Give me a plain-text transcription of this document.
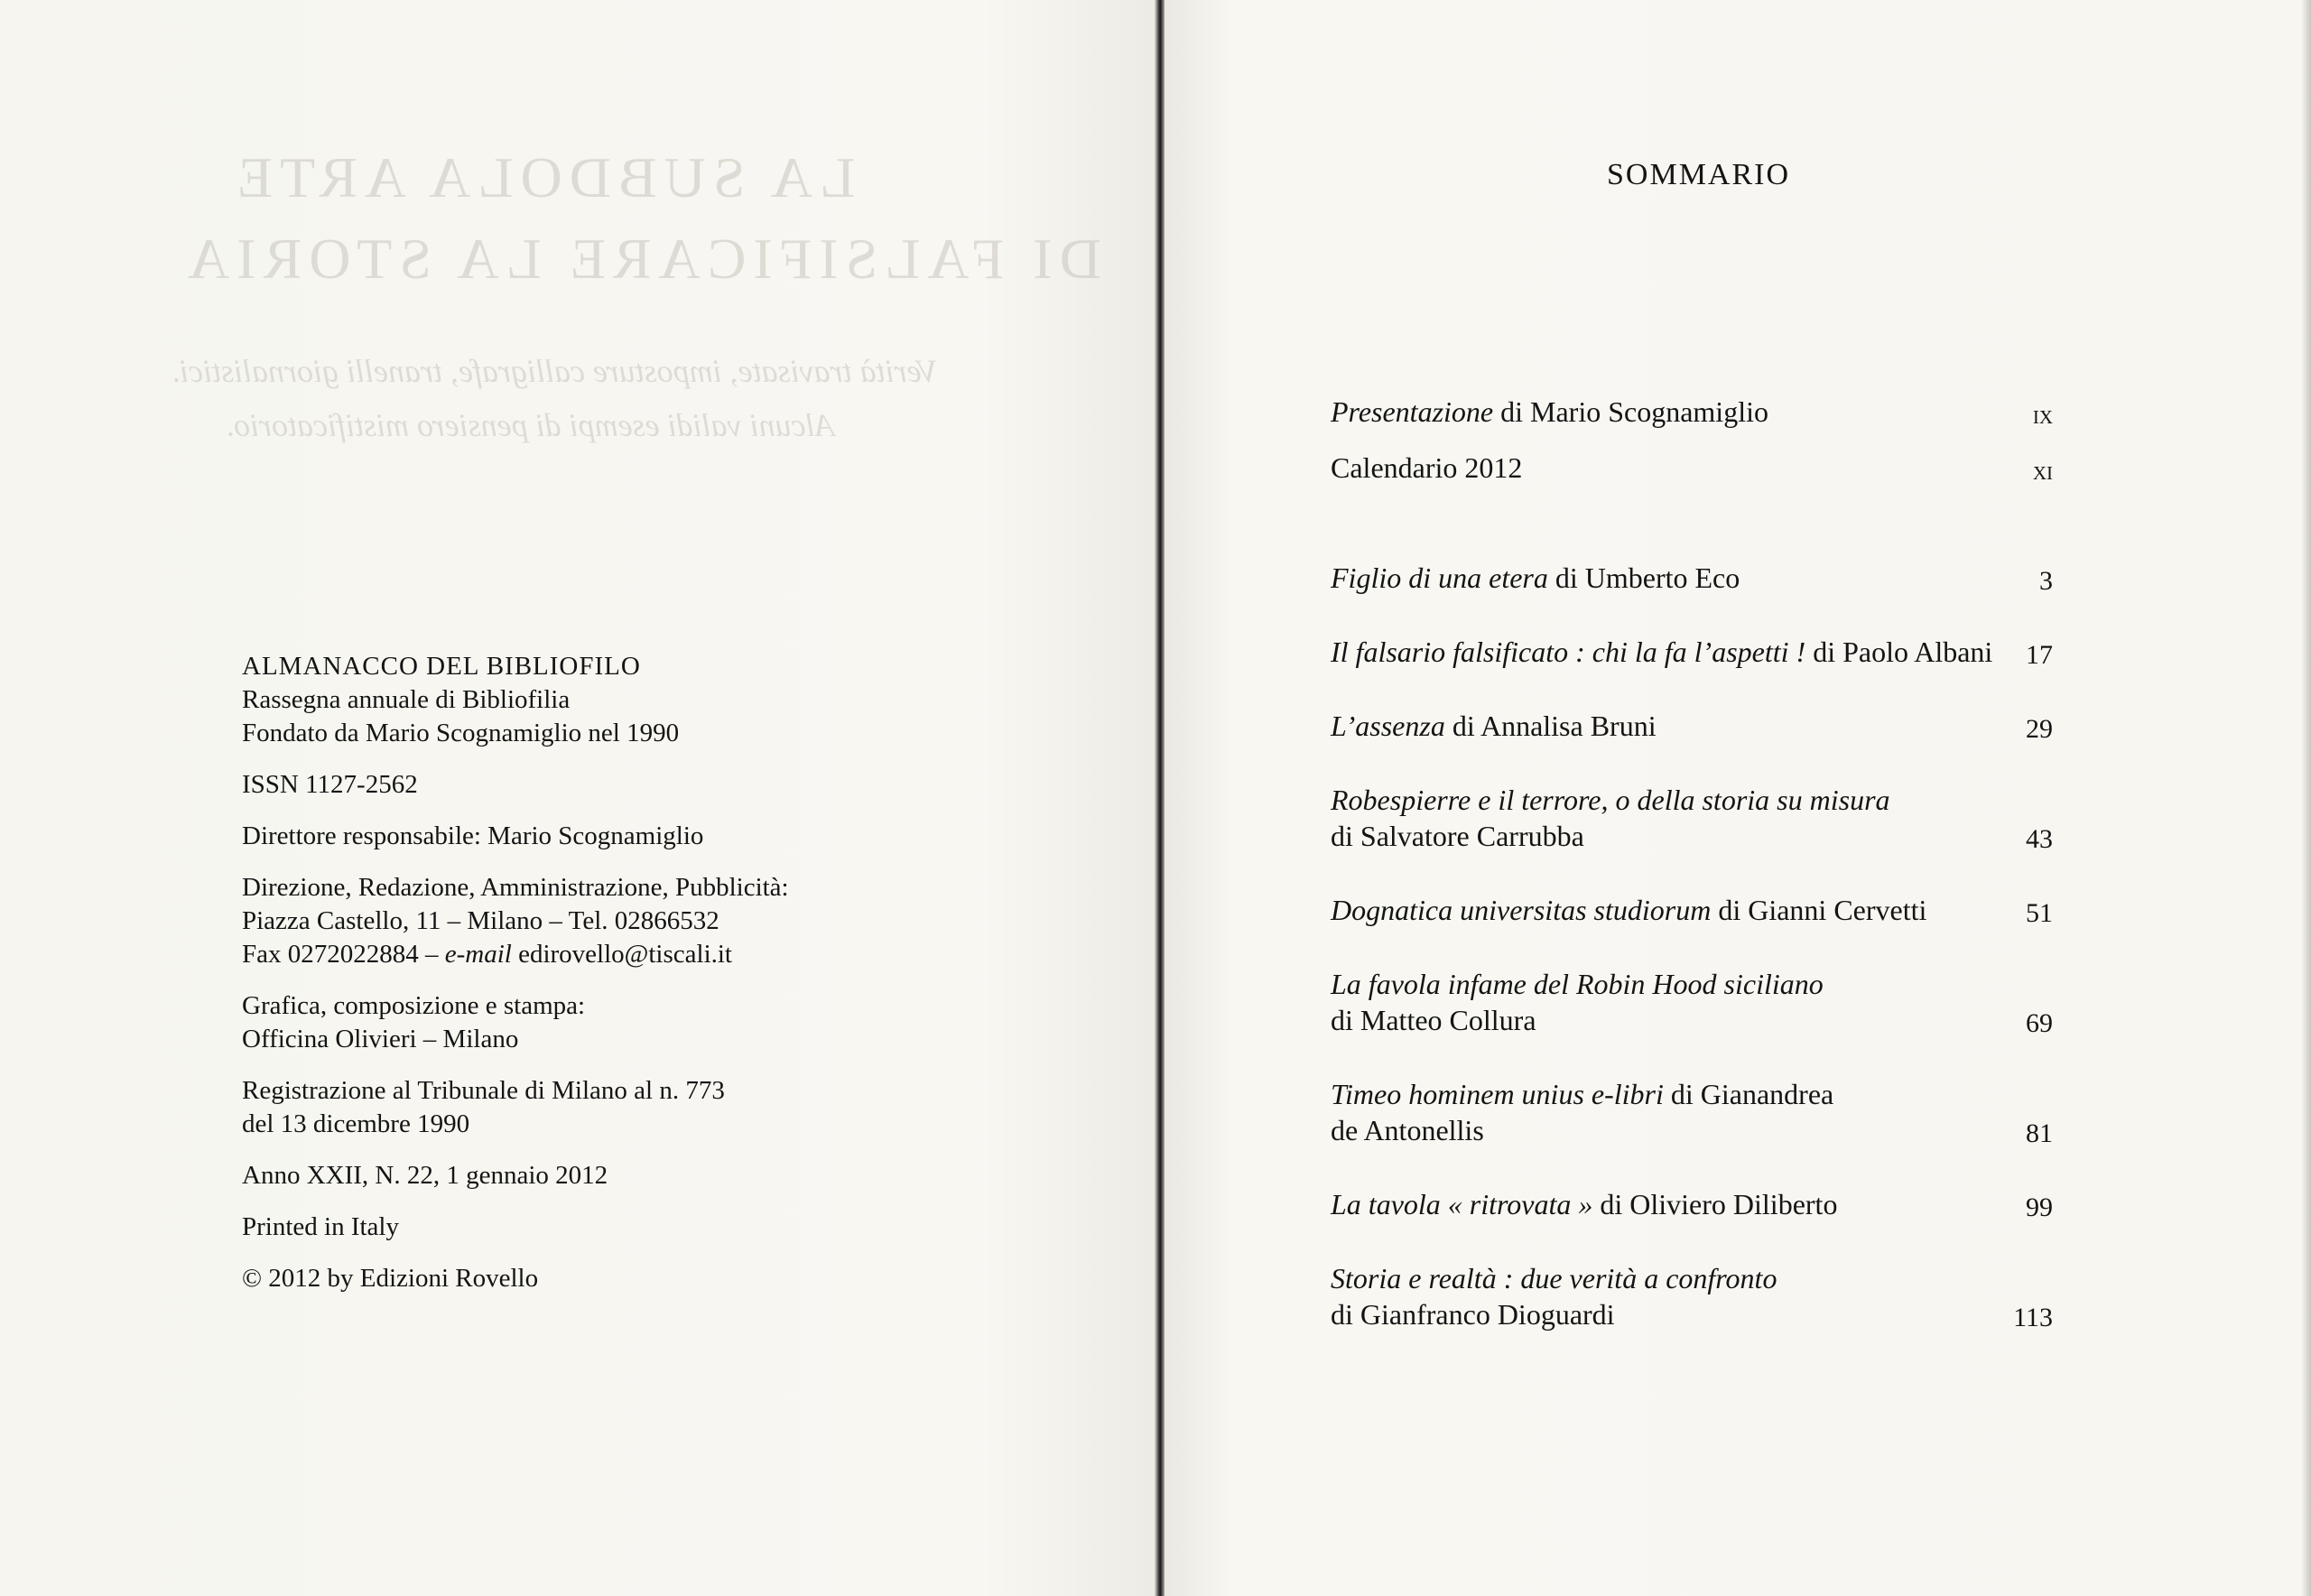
LA SUBDOLA ARTE
DI FALSIFICARE LA STORIA
Verità travisate, imposture calligrafe, tranelli giornalistici.
Alcuni validi esempi di pensiero mistificatorio.
ALMANACCO DEL BIBLIOFILO
Rassegna annuale di Bibliofilia
Fondato da Mario Scognamiglio nel 1990
ISSN 1127-2562
Direttore responsabile: Mario Scognamiglio
Direzione, Redazione, Amministrazione, Pubblicità:
Piazza Castello, 11 – Milano – Tel. 02866532
Fax 0272022884 – e-mail edirovello@tiscali.it
Grafica, composizione e stampa:
Officina Olivieri – Milano
Registrazione al Tribunale di Milano al n. 773
del 13 dicembre 1990
Anno XXII, N. 22, 1 gennaio 2012
Printed in Italy
© 2012 by Edizioni Rovello
SOMMARIO
Presentazione di Mario Scognamiglio	ix
Calendario 2012	xi
Figlio di una etera di Umberto Eco	3
Il falsario falsificato : chi la fa l’aspetti ! di Paolo Albani 17
L’assenza di Annalisa Bruni	29
Robespierre e il terrore, o della storia su misura
di Salvatore Carrubba	43
Dognatica universitas studiorum di Gianni Cervetti	51
La favola infame del Robin Hood siciliano
di Matteo Collura	69
Timeo hominem unius e-libri di Gianandrea
de Antonellis	81
La tavola « ritrovata » di Oliviero Diliberto	99
Storia e realtà : due verità a confronto
di Gianfranco Dioguardi	113
